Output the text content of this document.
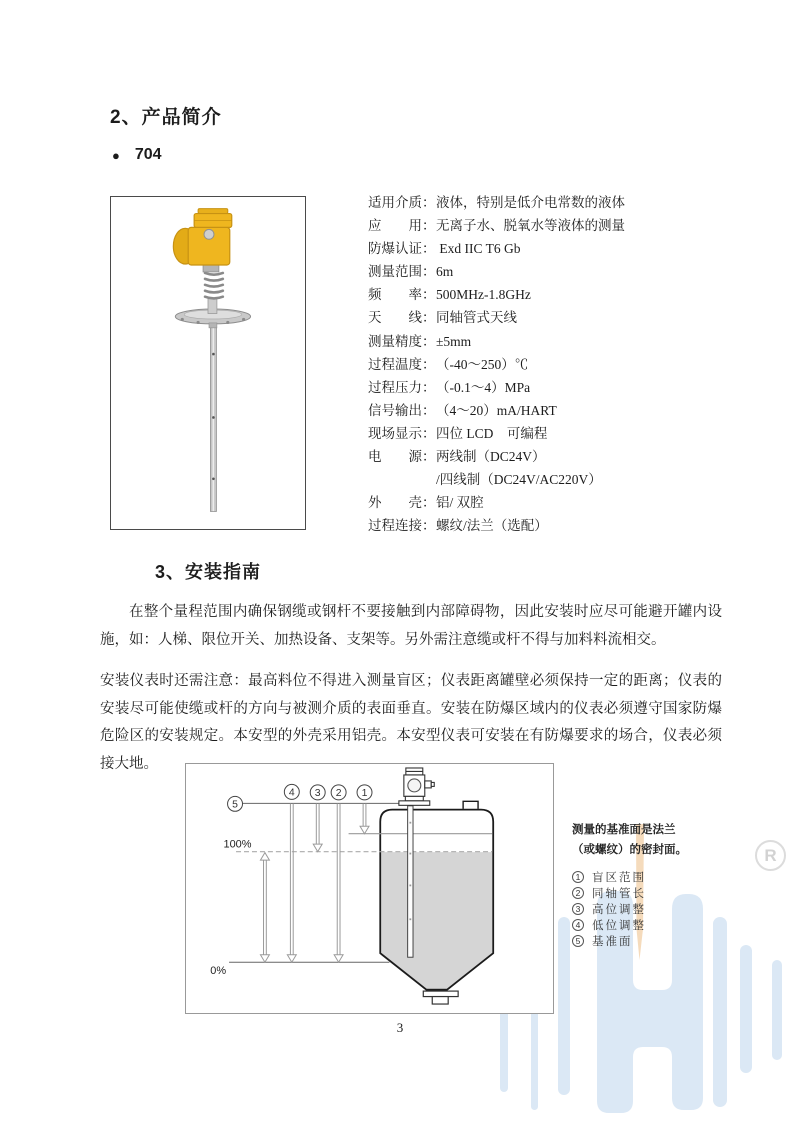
R
2、产品简介
● 704
适用介质：液体，特别是低介电常数的液体
应　　用：无离子水、脱氧水等液体的测量
防爆认证： Exd IIC T6 Gb
测量范围：6m
频　　率：500MHz-1.8GHz
天　　线：同轴管式天线
测量精度：±5mm
过程温度：（-40～250）℃
过程压力：（-0.1～4）MPa
信号输出：（4～20）mA/HART
现场显示：四位 LCD　可编程
电　　源：两线制（DC24V）
/四线制（DC24V/AC220V）
外　　壳：铝/ 双腔
过程连接：螺纹/法兰（选配）
3、安装指南

在整个量程范围内确保钢缆或钢杆不要接触到内部障碍物，因此安装时应尽可能避开罐内设施，如：人梯、限位开关、加热设备、支架等。另外需注意缆或杆不得与加料料流相交。

安装仪表时还需注意：最高料位不得进入测量盲区；仪表距离罐壁必须保持一定的距离；仪表的安装尽可能使缆或杆的方向与被测介质的表面垂直。安装在防爆区域内的仪表必须遵守国家防爆危险区的安装规定。本安型的外壳采用铝壳。本安型仪表可安装在有防爆要求的场合，仪表必须接大地。

5
4 3 2 1
100%
0%
测量的基准面是法兰
（或螺纹）的密封面。
1	盲区范围
2	同轴管长
3	高位调整
4	低位调整
5	基准面
3
